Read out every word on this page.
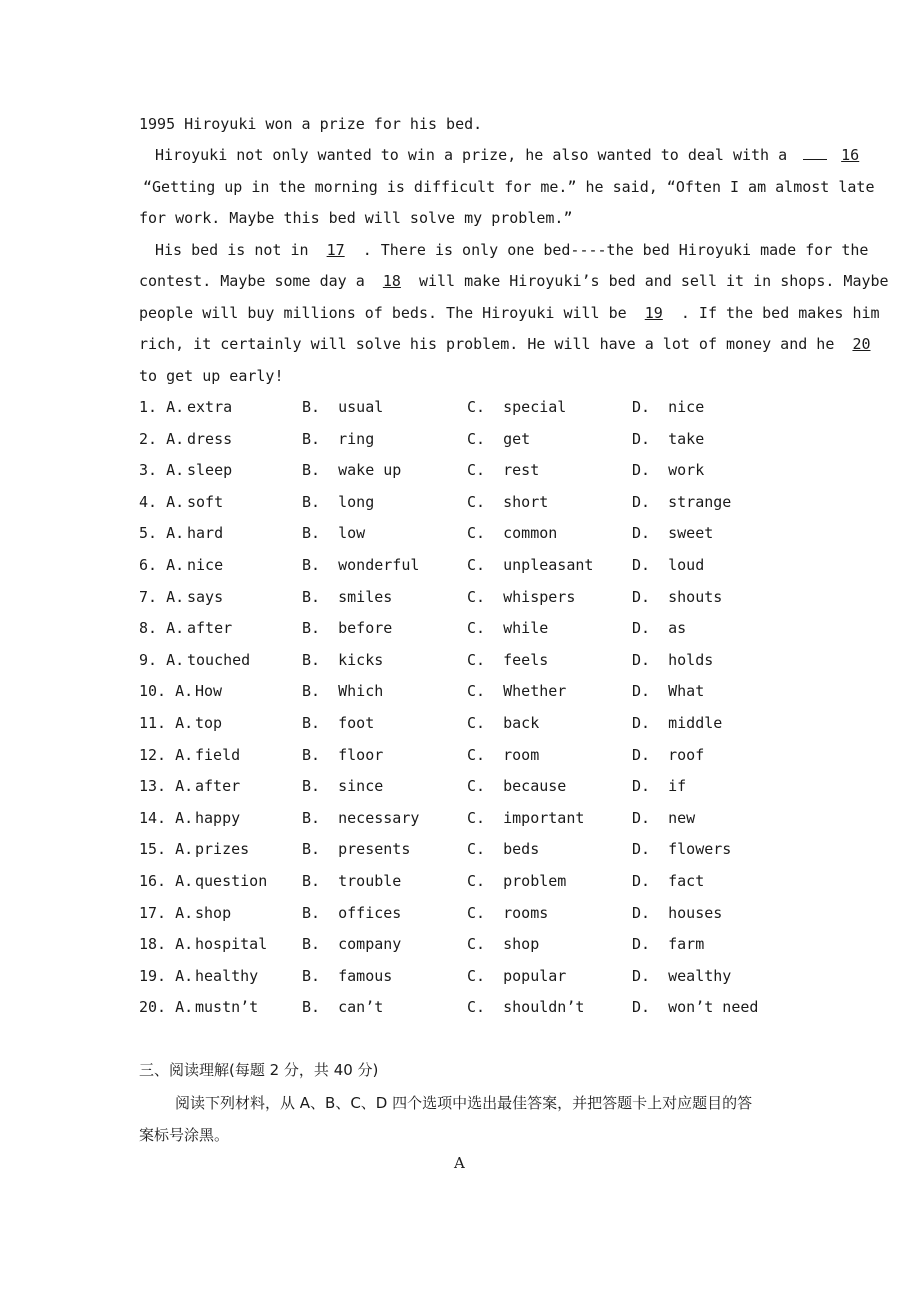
1995 Hiroyuki won a prize for his bed.
Hiroyuki not only wanted to win a prize, he also wanted to deal with a	16
“Getting up in the morning is difficult for me.” he said, “Often I am almost late
for work. Maybe this bed will solve my problem.”
His bed is not in 17 . There is only one bed----the bed Hiroyuki made for the
contest. Maybe some day a 18 will make Hiroyuki’s bed and sell it in shops. Maybe
people will buy millions of beds. The Hiroyuki will be 19 . If the bed makes him
rich, it certainly will solve his problem. He will have a lot of money and he 20
to get up early!
1. A. extra	B.  usual	C.  special	D.  nice
2. A. dress	B.  ring	C.  get	D.  take
3. A. sleep	B.  wake up	C.  rest	D.  work
4. A. soft	B.  long	C.  short	D.  strange
5. A. hard	B.  low	C.  common	D.  sweet
6. A. nice	B.  wonderful	C.  unpleasant	D.  loud
7. A. says	B.  smiles	C.  whispers	D.  shouts
8. A. after	B.  before	C.  while	D.  as
9. A. touched	B.  kicks	C.  feels	D.  holds
10. A. How	B.  Which	C.  Whether	D.  What
11. A. top	B.  foot	C.  back	D.  middle
12. A. field	B.  floor	C.  room	D.  roof
13. A. after	B.  since	C.  because	D.  if
14. A. happy	B.  necessary	C.  important	D.  new
15. A. prizes	B.  presents	C.  beds	D.  flowers
16. A. question B.  trouble	C.  problem	D.  fact
17. A. shop	B.  offices	C.  rooms	D.  houses
18. A. hospital B.  company	C.  shop	D.  farm
19. A. healthy	B.  famous	C.  popular	D.  wealthy
20. A. mustn’t	B.  can’t	C.  shouldn’t	D.  won’t need
三、阅读理解(每题 2 分，共 40 分)
阅读下列材料，从 A、B、C、D 四个选项中选出最佳答案，并把答题卡上对应题目的答
案标号涂黑。
A
